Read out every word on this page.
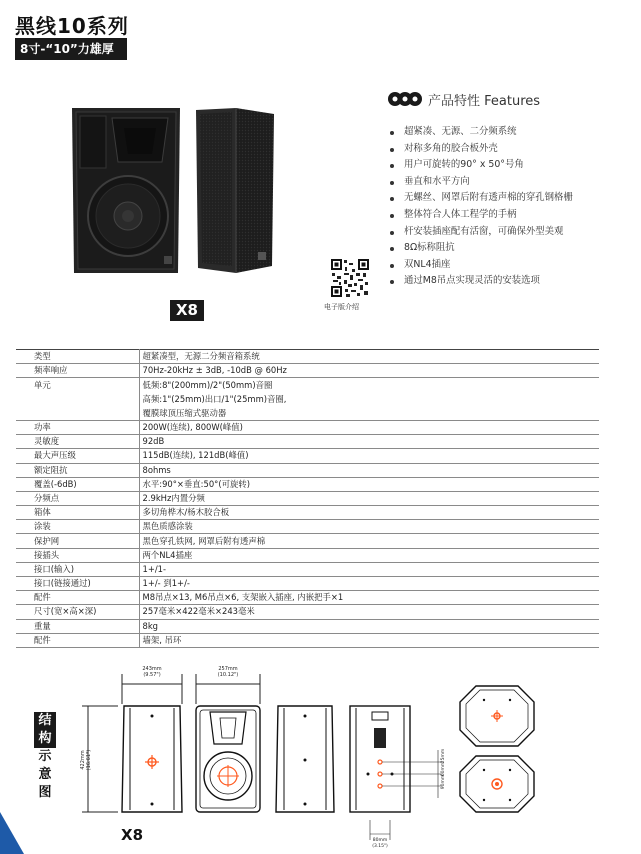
黑线10系列
8寸-“10”力雄厚
X8	电子版介绍
产品特性 Features
超紧凑、无源、二分频系统
对称多角的胶合板外壳
用户可旋转的90° x 50°号角
垂直和水平方向
无螺丝、网罩后附有透声棉的穿孔钢格栅
整体符合人体工程学的手柄
杆安装插座配有活窗，可确保外型美观
8Ω标称阻抗
双NL4插座
通过M8吊点实现灵活的安装选项
类型	超紧凑型，无源二分频音箱系统
频率响应	70Hz-20kHz ± 3dB, -10dB @ 60Hz
单元	低频:8"(200mm)/2"(50mm)音圈
	高频:1"(25mm)出口/1"(25mm)音圈,
	覆膜球顶压缩式驱动器
功率	200W(连续), 800W(峰值)
灵敏度	92dB
最大声压级	115dB(连续), 121dB(峰值)
额定阻抗	8ohms
覆盖(-6dB)	水平:90°×垂直:50°(可旋转)
分频点	2.9kHz内置分频
箱体	多切角桦木/杨木胶合板
涂装	黑色质感涂装
保护网	黑色穿孔铁网, 网罩后附有透声棉
接插头	两个NL4插座
接口(输入)	1+/1-
接口(链接通过)	1+/- 到1+/-
配件	M8吊点×13, M6吊点×6, 支架嵌入插座, 内嵌把手×1
尺寸(宽×高×深)	257毫米×422毫米×243毫米
重量	8kg
配件	墙架, 吊环
结
构
示
意
图
243mm
(9.57")
257mm
(10.12")
422mm (16.61")	25mm
60mm
90mm
80mm
(3.15")
X8
